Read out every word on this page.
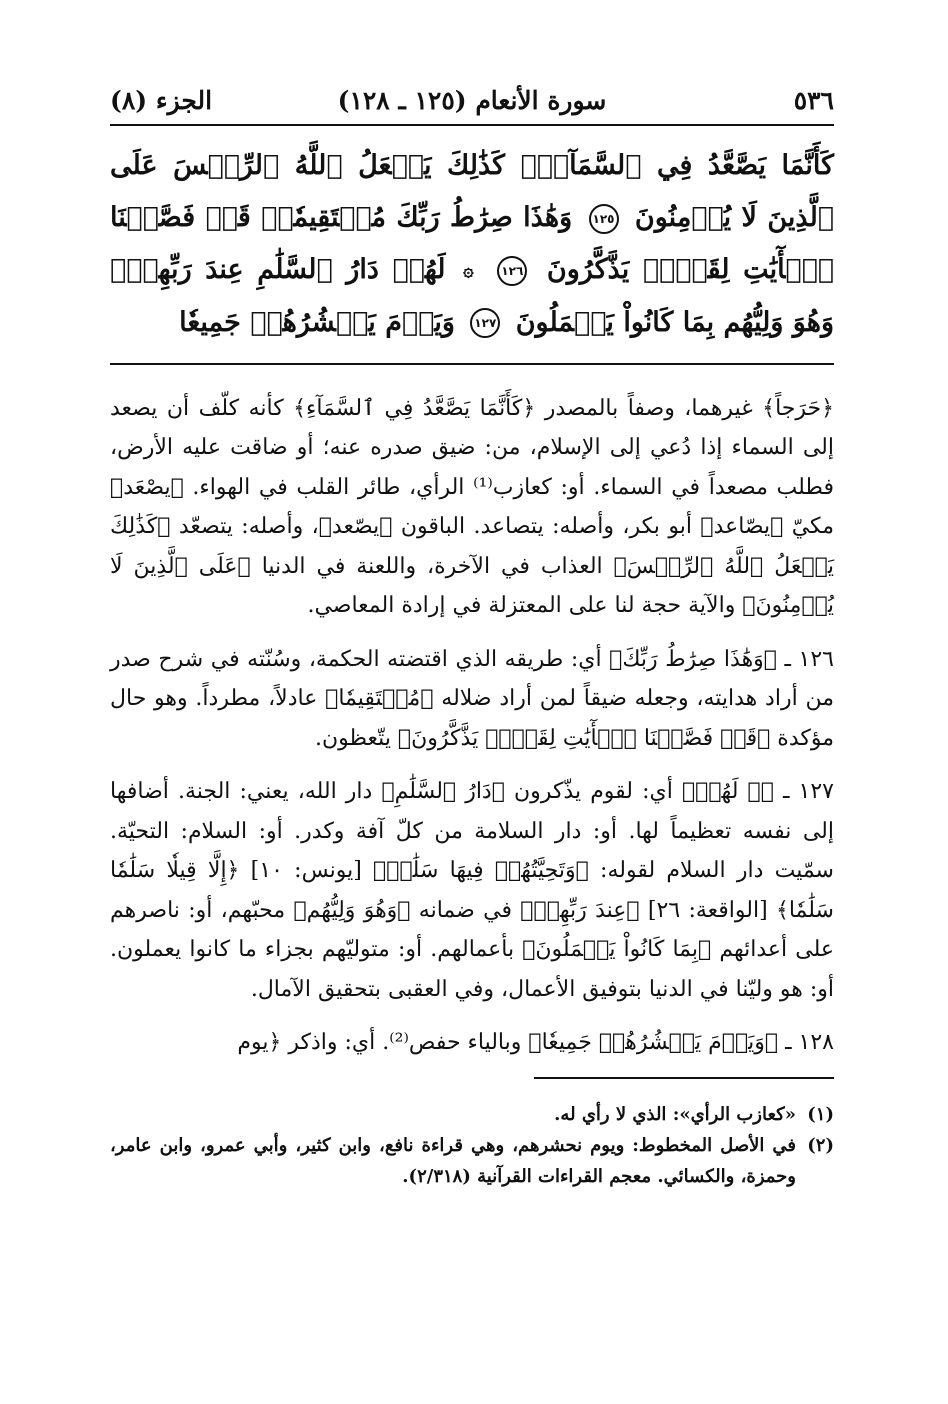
٥٣٦
سورة الأنعام (١٢٥ ـ ١٢٨)
الجزء (٨)
كَأَنَّمَا يَصَّعَّدُ فِي ٱلسَّمَآءِۚ كَذَٰلِكَ يَجۡعَلُ ٱللَّهُ ٱلرِّجۡسَ عَلَى ٱلَّذِينَ لَا يُؤۡمِنُونَ ١٢٥ وَهَٰذَا صِرَٰطُ رَبِّكَ مُسۡتَقِيمٗاۗ قَدۡ فَصَّلۡنَا ٱلۡأٓيَٰتِ لِقَوۡمٖ يَذَّكَّرُونَ ١٢٦ ۞ لَهُمۡ دَارُ ٱلسَّلَٰمِ عِندَ رَبِّهِمۡۖ وَهُوَ وَلِيُّهُم بِمَا كَانُواْ يَعۡمَلُونَ ١٢٧ وَيَوۡمَ يَحۡشُرُهُمۡ جَمِيعٗا

﴿حَرَجاً﴾ غيرهما، وصفاً بالمصدر ﴿كَأَنَّمَا يَصَّعَّدُ فِي ٱلسَّمَآءِ﴾ كأنه كلّف أن يصعد إلى السماء إذا دُعي إلى الإسلام، من: ضيق صدره عنه؛ أو ضاقت عليه الأرض، فطلب مصعداً في السماء. أو: كعازب⁽¹⁾ الرأي، طائر القلب في الهواء. ﴿يصْعَد﴾ مكيّ ﴿يصّاعد﴾ أبو بكر، وأصله: يتصاعد. الباقون ﴿يصّعد﴾، وأصله: يتصعّد ﴿كَذَٰلِكَ يَجۡعَلُ ٱللَّهُ ٱلرِّجۡسَ﴾ العذاب في الآخرة، واللعنة في الدنيا ﴿عَلَى ٱلَّذِينَ لَا يُؤۡمِنُونَ﴾ والآية حجة لنا على المعتزلة في إرادة المعاصي.

١٢٦ ـ ﴿وَهَٰذَا صِرَٰطُ رَبِّكَ﴾ أي: طريقه الذي اقتضته الحكمة، وسُنّته في شرح صدر من أراد هدايته، وجعله ضيقاً لمن أراد ضلاله ﴿مُسۡتَقِيمٗا﴾ عادلاً، مطرداً. وهو حال مؤكدة ﴿قَدۡ فَصَّلۡنَا ٱلۡأٓيَٰتِ لِقَوۡمٖ يَذَّكَّرُونَ﴾ يتّعظون.

١٢٧ ـ ﴿۞ لَهُمۡ﴾ أي: لقوم يذّكرون ﴿دَارُ ٱلسَّلَٰمِ﴾ دار الله، يعني: الجنة. أضافها إلى نفسه تعظيماً لها. أو: دار السلامة من كلّ آفة وكدر. أو: السلام: التحيّة. سمّيت دار السلام لقوله: ﴿وَتَحِيَّتُهُمۡ فِيهَا سَلَٰمٞ﴾ [يونس: ١٠] ﴿إِلَّا قِيلٗا سَلَٰمٗا سَلَٰمٗا﴾ [الواقعة: ٢٦] ﴿عِندَ رَبِّهِمۡ﴾ في ضمانه ﴿وَهُوَ وَلِيُّهُم﴾ محبّهم، أو: ناصرهم على أعدائهم ﴿بِمَا كَانُواْ يَعۡمَلُونَ﴾ بأعمالهم. أو: متوليّهم بجزاء ما كانوا يعملون. أو: هو وليّنا في الدنيا بتوفيق الأعمال، وفي العقبى بتحقيق الآمال.

١٢٨ ـ ﴿وَيَوۡمَ يَحۡشُرُهُمۡ جَمِيعٗا﴾ وبالياء حفص⁽²⁾. أي: واذكر ﴿يوم

(١)
«كعازب الرأي»: الذي لا رأي له.
(٢)
في الأصل المخطوط: ويوم نحشرهم، وهي قراءة نافع، وابن كثير، وأبي عمرو، وابن عامر، وحمزة، والكسائي. معجم القراءات القرآنية (٢/٣١٨).
